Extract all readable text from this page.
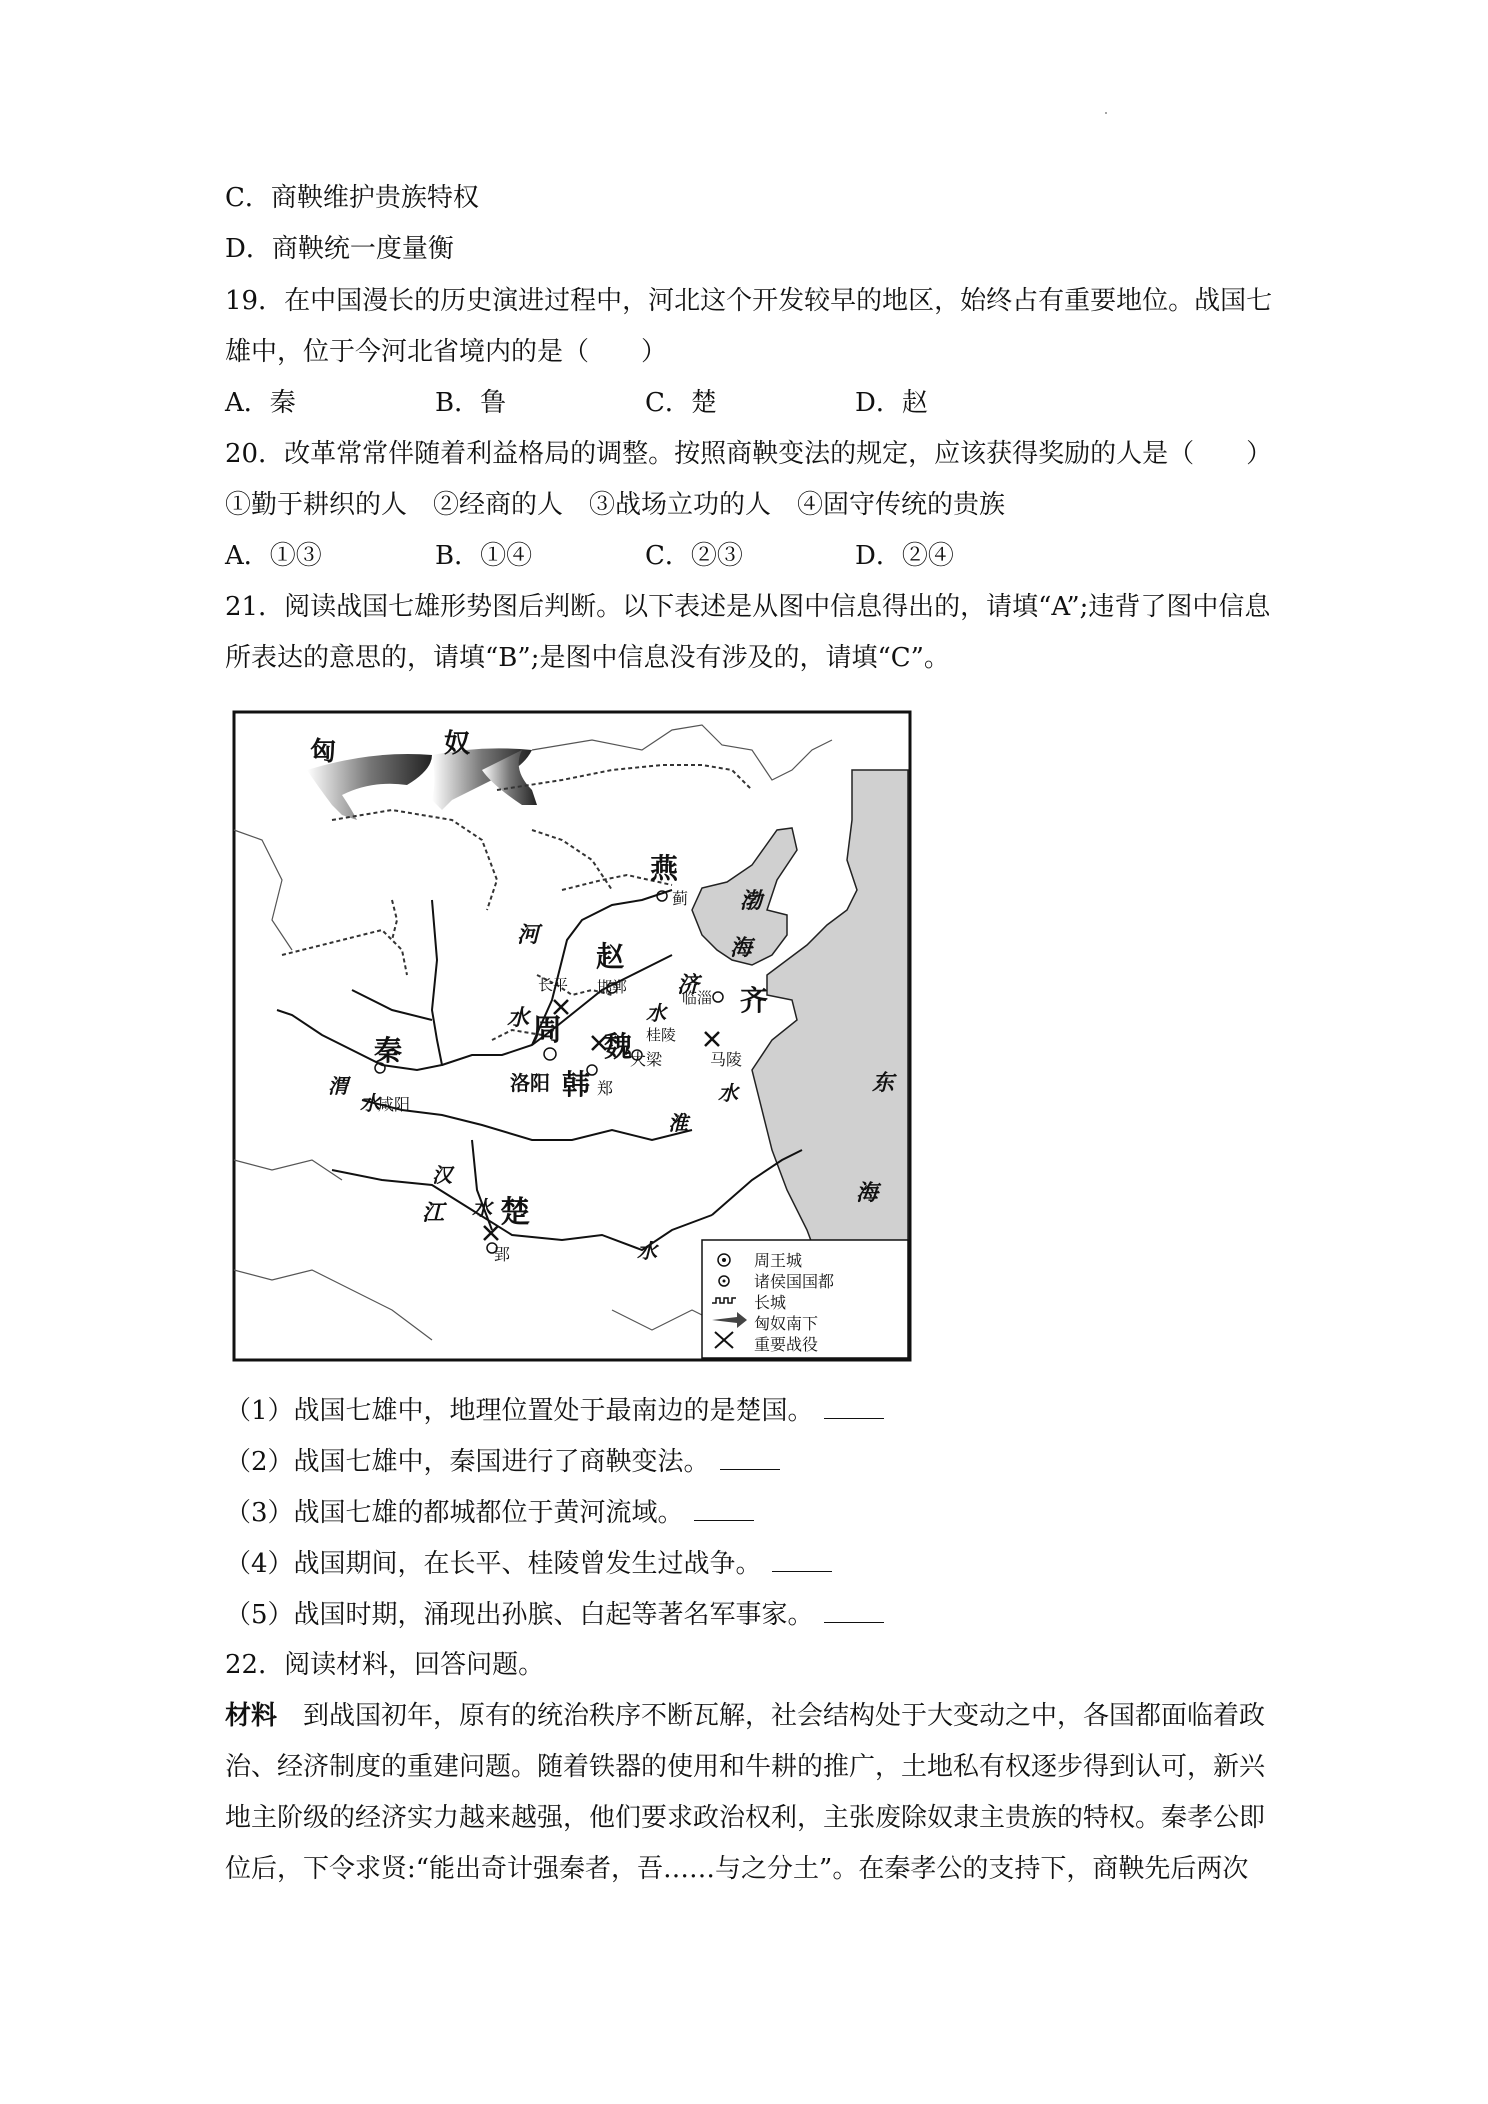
C．商鞅维护贵族特权
D．商鞅统一度量衡
19．在中国漫长的历史演进过程中，河北这个开发较早的地区，始终占有重要地位。战国七
雄中，位于今河北省境内的是（　　）
A．秦	B．鲁	C．楚	D．赵
20．改革常常伴随着利益格局的调整。按照商鞅变法的规定，应该获得奖励的人是（　　）
①勤于耕织的人　②经商的人　③战场立功的人　④固守传统的贵族
A．①③	B．①④	C．②③	D．②④
21．阅读战国七雄形势图后判断。以下表述是从图中信息得出的，请填“A”;违背了图中信息
所表达的意思的，请填“B”;是图中信息没有涉及的，请填“C”。
周王城
诸侯国国都
长城
匈奴南下
重要战役
匈	奴
燕
蓟 渤
海
河
赵
邯郸
长平	济
临淄 齐
水
水 周 魏 桂陵
东
秦
渭
水
咸阳
洛阳 韩 郑
大梁	马陵
水
淮
海
汉
江 水 楚
郢	水
（1）战国七雄中，地理位置处于最南边的是楚国。
（2）战国七雄中，秦国进行了商鞅变法。
（3）战国七雄的都城都位于黄河流域。
（4）战国期间，在长平、桂陵曾发生过战争。
（5）战国时期，涌现出孙膑、白起等著名军事家。
22．阅读材料，回答问题。
材料　到战国初年，原有的统治秩序不断瓦解，社会结构处于大变动之中，各国都面临着政
治、经济制度的重建问题。随着铁器的使用和牛耕的推广，土地私有权逐步得到认可，新兴
地主阶级的经济实力越来越强，他们要求政治权利，主张废除奴隶主贵族的特权。秦孝公即
位后，下令求贤:“能出奇计强秦者，吾……与之分土”。在秦孝公的支持下，商鞅先后两次
